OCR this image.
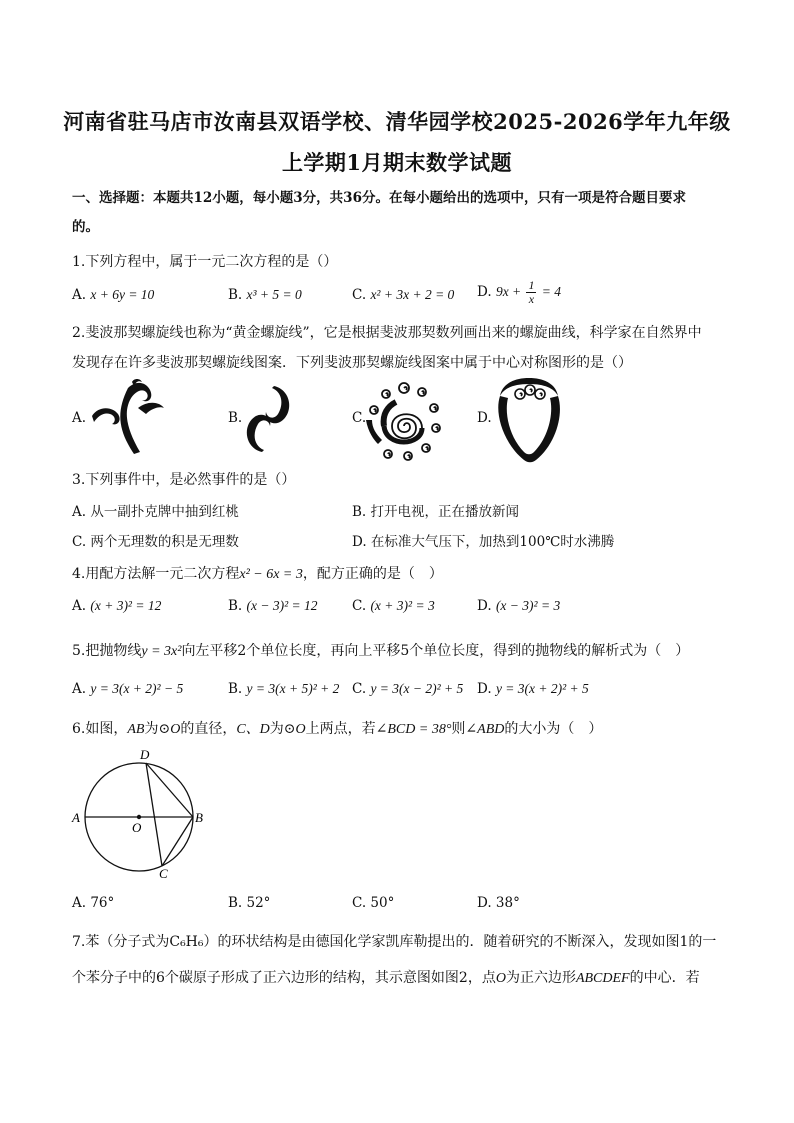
河南省驻马店市汝南县双语学校、清华园学校2025-2026学年九年级
上学期1月期末数学试题
一、选择题：本题共12小题，每小题3分，共36分。在每小题给出的选项中，只有一项是符合题目要求
的。
1.下列方程中，属于一元二次方程的是（）
A. x + 6y = 10	B. x³ + 5 = 0	C. x² + 3x + 2 = 0 D. $9x + \frac{1}{x} = 4$
2.斐波那契螺旋线也称为“黄金螺旋线”，它是根据斐波那契数列画出来的螺旋曲线，科学家在自然界中
发现存在许多斐波那契螺旋线图案．下列斐波那契螺旋线图案中属于中心对称图形的是（）
A.	B.	C.	D.
3.下列事件中，是必然事件的是（）
A. 从一副扑克牌中抽到红桃	B. 打开电视，正在播放新闻
C. 两个无理数的积是无理数	D. 在标准大气压下，加热到100℃时水沸腾
4.用配方法解一元二次方程x² − 6x = 3，配方正确的是（　）
A. (x + 3)² = 12	B. (x − 3)² = 12	C. (x + 3)² = 3	D. (x − 3)² = 3
5.把抛物线y = 3x²向左平移2个单位长度，再向上平移5个单位长度，得到的抛物线的解析式为（　）
A. y = 3(x + 2)² − 5	B. y = 3(x + 5)² + 2 C. y = 3(x − 2)² + 5 D. y = 3(x + 2)² + 5
6.如图，AB为⊙O的直径，C、D为⊙O上两点，若∠BCD = 38°则∠ABD的大小为（　）
A	B
C
D
O
A. 76°	B. 52°	C. 50°	D. 38°
7.苯（分子式为C₆H₆）的环状结构是由德国化学家凯库勒提出的．随着研究的不断深入，发现如图1的一
个苯分子中的6个碳原子形成了正六边形的结构，其示意图如图2，点O为正六边形ABCDEF的中心．若
